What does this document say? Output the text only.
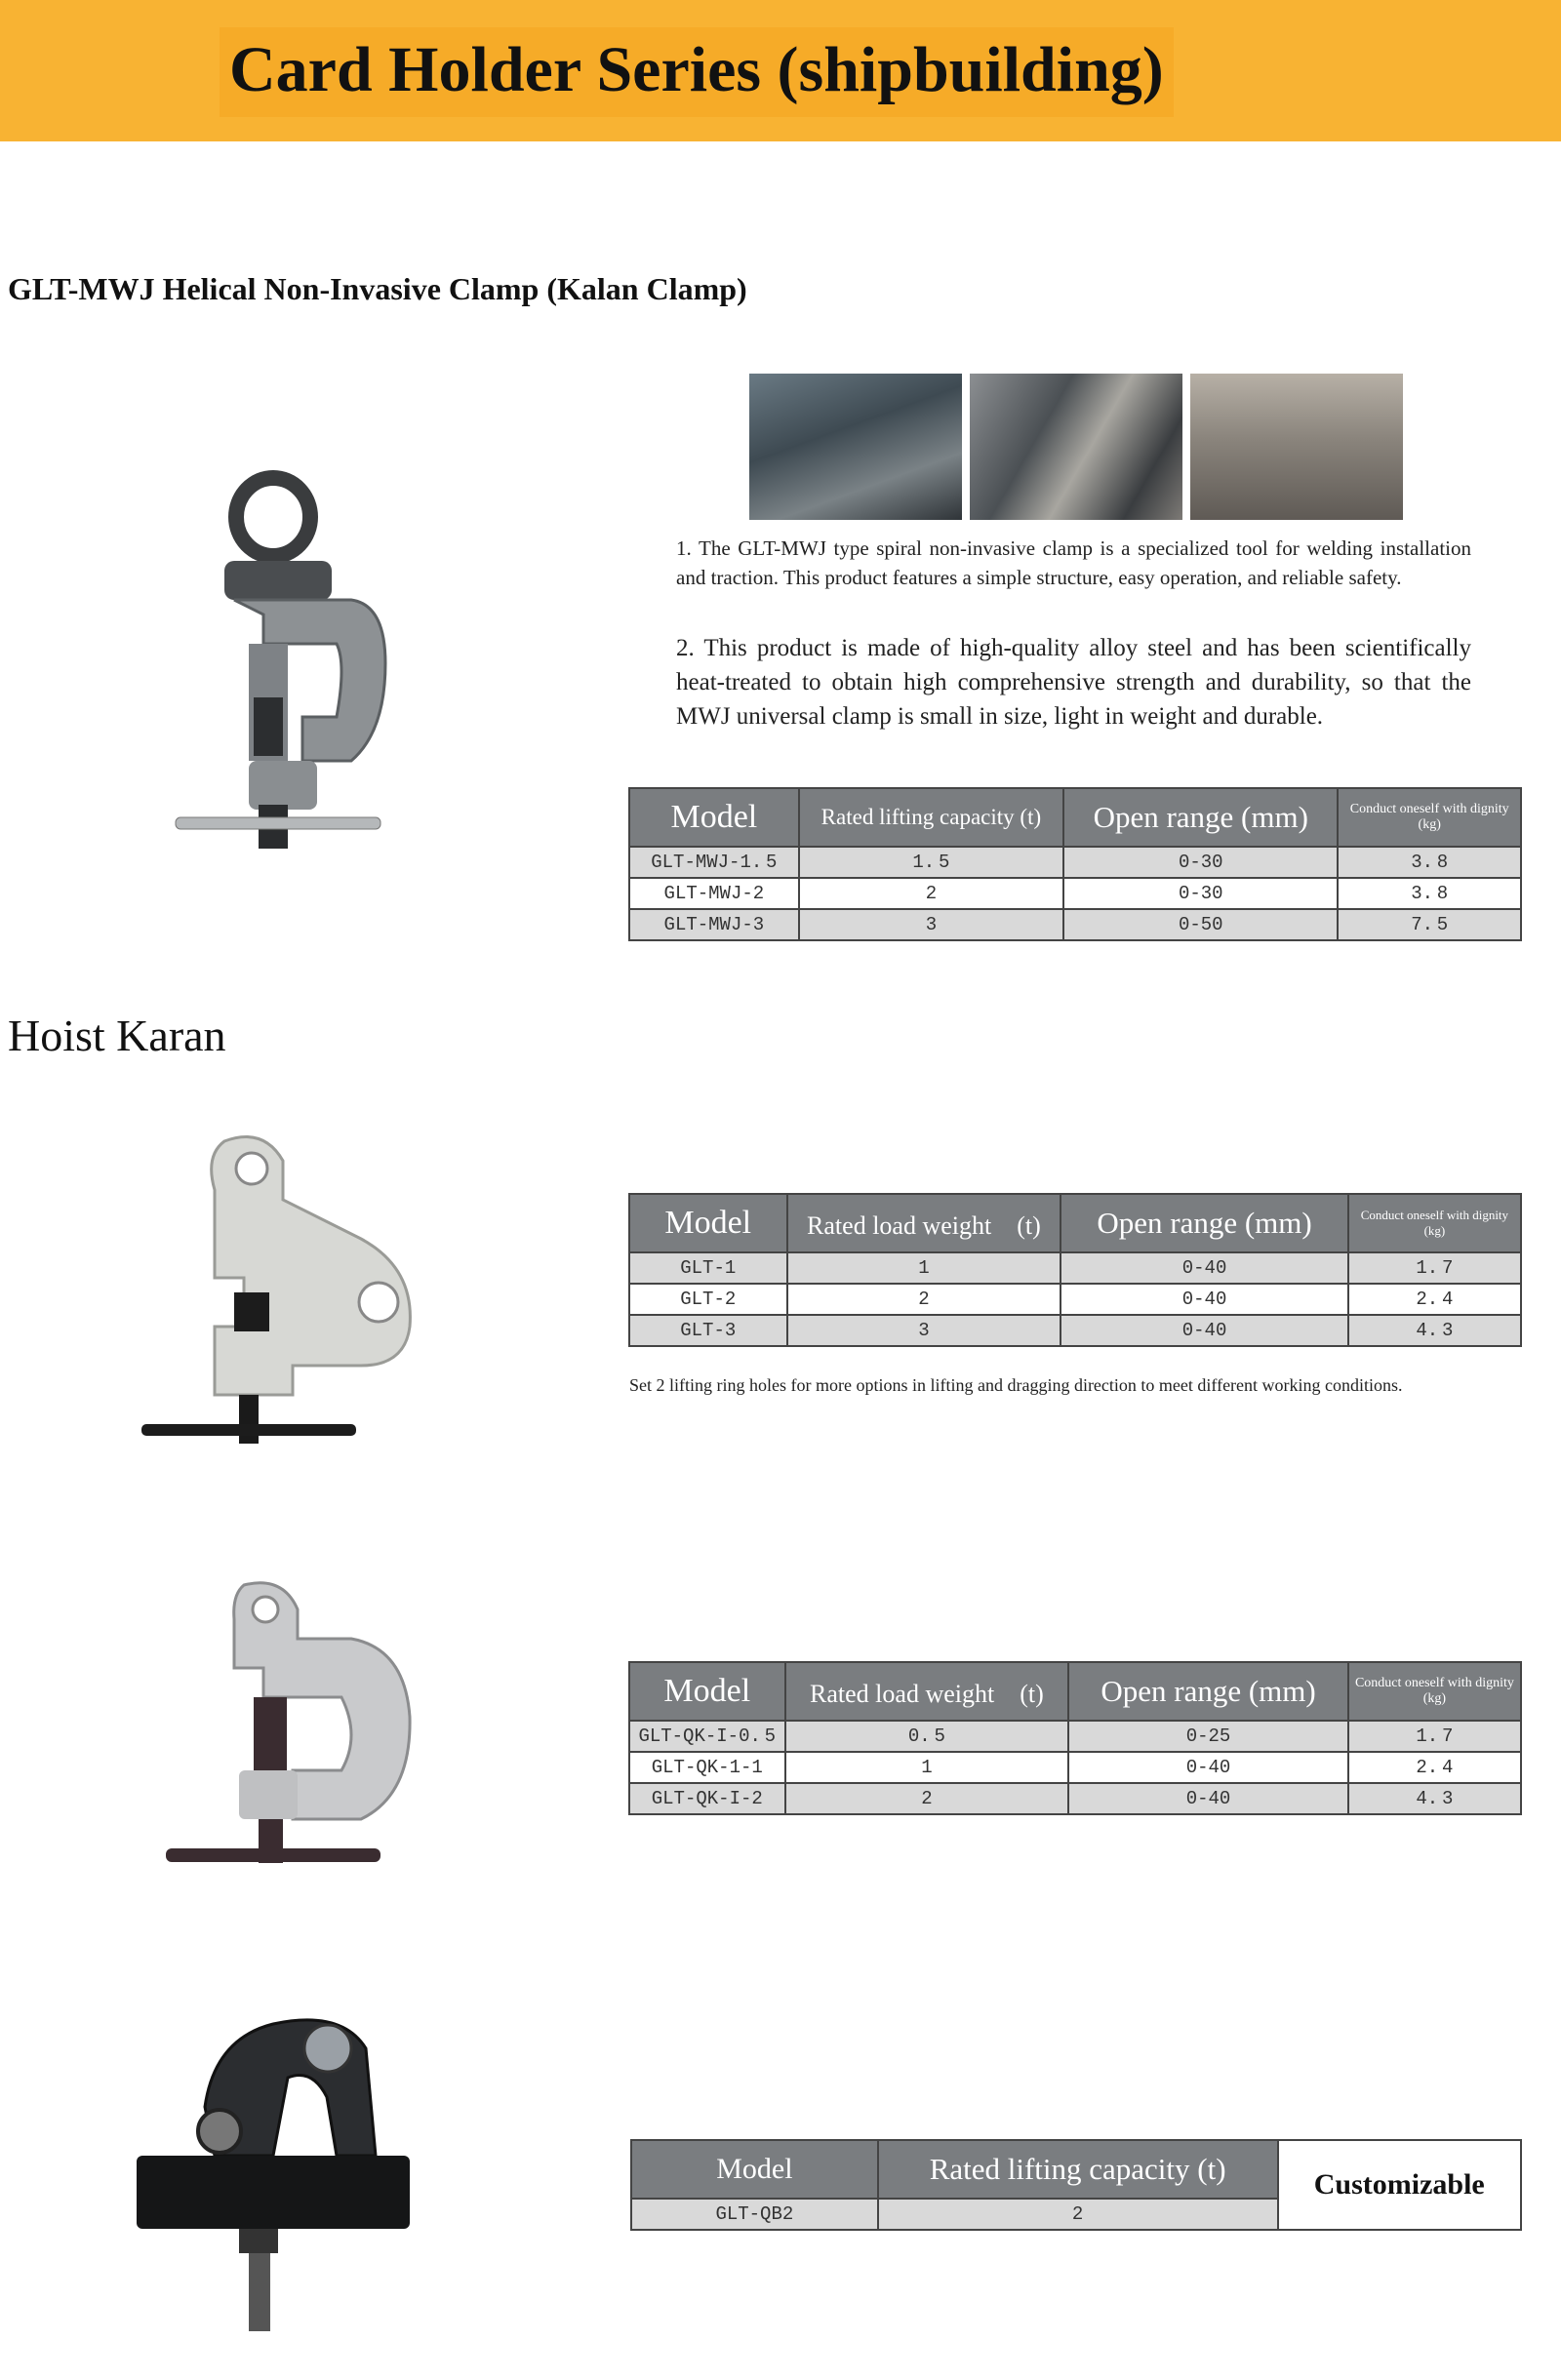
Card Holder Series (shipbuilding)
GLT-MWJ Helical Non-Invasive Clamp (Kalan Clamp)
1. The GLT-MWJ type spiral non-invasive clamp is a specialized tool for welding installation and traction. This product features a simple structure, easy operation, and reliable safety.
2. This product is made of high-quality alloy steel and has been scientifically heat-treated to obtain high comprehensive strength and durability, so that the MWJ universal clamp is small in size, light in weight and durable.
Model	Rated lifting capacity (t)	Open range (mm)	Conduct oneself with dignity　(kg)
GLT-MWJ-1. 5	1. 5	0-30	3. 8
GLT-MWJ-2	2	0-30	3. 8
GLT-MWJ-3	3	0-50	7. 5
Hoist Karan
Model	Rated load weight　(t)	Open range (mm)	Conduct oneself with dignity　(kg)
GLT-1	1	0-40	1. 7
GLT-2	2	0-40	2. 4
GLT-3	3	0-40	4. 3
Set 2 lifting ring holes for more options in lifting and dragging direction to meet different working conditions.
Model	Rated load weight　(t)	Open range (mm)	Conduct oneself with dignity (kg)
GLT-QK-I-0. 5	0. 5	0-25	1. 7
GLT-QK-1-1	1	0-40	2. 4
GLT-QK-I-2	2	0-40	4. 3
Model	Rated lifting capacity (t)	Customizable
GLT-QB2	2	
